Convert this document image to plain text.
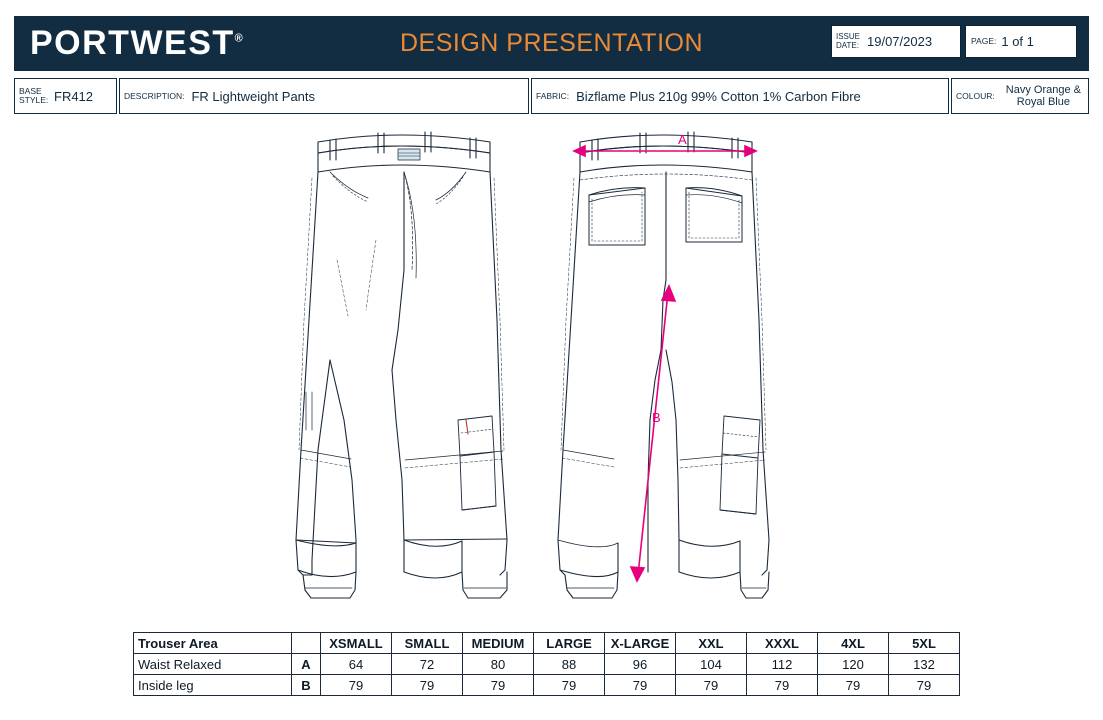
PORTWEST®	DESIGN PRESENTATION	ISSUE
DATE: 19/07/2023	PAGE: 1 of 1
BASE
STYLE: FR412	DESCRIPTION: FR Lightweight Pants	FABRIC: Bizflame Plus 210g 99% Cotton 1% Carbon Fibre	COLOUR:	Navy Orange & Royal Blue
A
B
Trouser Area		XSMALL	SMALL	MEDIUM	LARGE	X-LARGE	XXL	XXXL	4XL	5XL
Waist Relaxed	A	64	72	80	88	96	104	112	120	132
Inside leg	B	79	79	79	79	79	79	79	79	79
